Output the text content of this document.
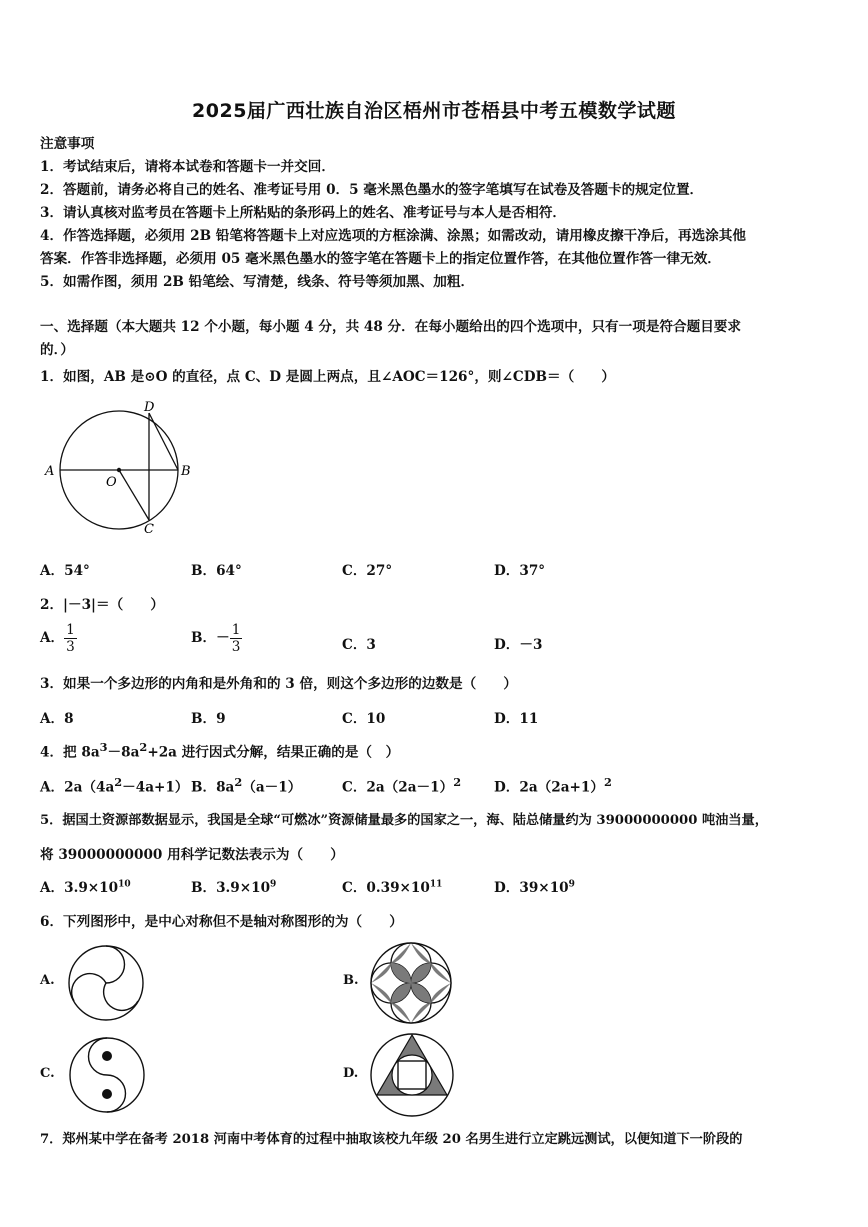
2025届广西壮族自治区梧州市苍梧县中考五模数学试题
注意事项
1．考试结束后，请将本试卷和答题卡一并交回．
2．答题前，请务必将自己的姓名、准考证号用 0．5 毫米黑色墨水的签字笔填写在试卷及答题卡的规定位置．
3．请认真核对监考员在答题卡上所粘贴的条形码上的姓名、准考证号与本人是否相符．
4．作答选择题，必须用 2B 铅笔将答题卡上对应选项的方框涂满、涂黑；如需改动，请用橡皮擦干净后，再选涂其他
答案．作答非选择题，必须用 05 毫米黑色墨水的签字笔在答题卡上的指定位置作答，在其他位置作答一律无效．
5．如需作图，须用 2B 铅笔绘、写清楚，线条、符号等须加黑、加粗．
一、选择题（本大题共 12 个小题，每小题 4 分，共 48 分．在每小题给出的四个选项中，只有一项是符合题目要求
的．）
1．如图，AB 是⊙O 的直径，点 C、D 是圆上两点，且∠AOC＝126°，则∠CDB＝（　　）
A	B
C
D
O
A．54°	B．64°	C．27°	D．37°
2．|－3|＝（　　）
A． $\frac{1}{3}$	B．－ $\frac{1}{3}$	C．3	D．－3
3．如果一个多边形的内角和是外角和的 3 倍，则这个多边形的边数是（　　）
A．8	B．9	C．10	D．11
4．把 $8a^3-8a^2+2a$ 进行因式分解，结果正确的是（　）
A．$2a(4a^2-4a+1)$ B．$8a^2(a-1)$	C．$2a(2a-1)^2$ D．$2a(2a+1)^2$
5．据国土资源部数据显示，我国是全球“可燃冰”资源储量最多的国家之一，海、陆总储量约为 39000000000 吨油当量，
将 39000000000 用科学记数法表示为（　　）
A．$3.9\times 10^{10}$	B．$3.9\times 10^9$	C．$0.39\times 10^{11}$	D．$39\times 10^9$
6．下列图形中，是中心对称但不是轴对称图形的为（　　）
A.	B.
C.	D.
7．郑州某中学在备考 2018 河南中考体育的过程中抽取该校九年级 20 名男生进行立定跳远测试，以便知道下一阶段的
